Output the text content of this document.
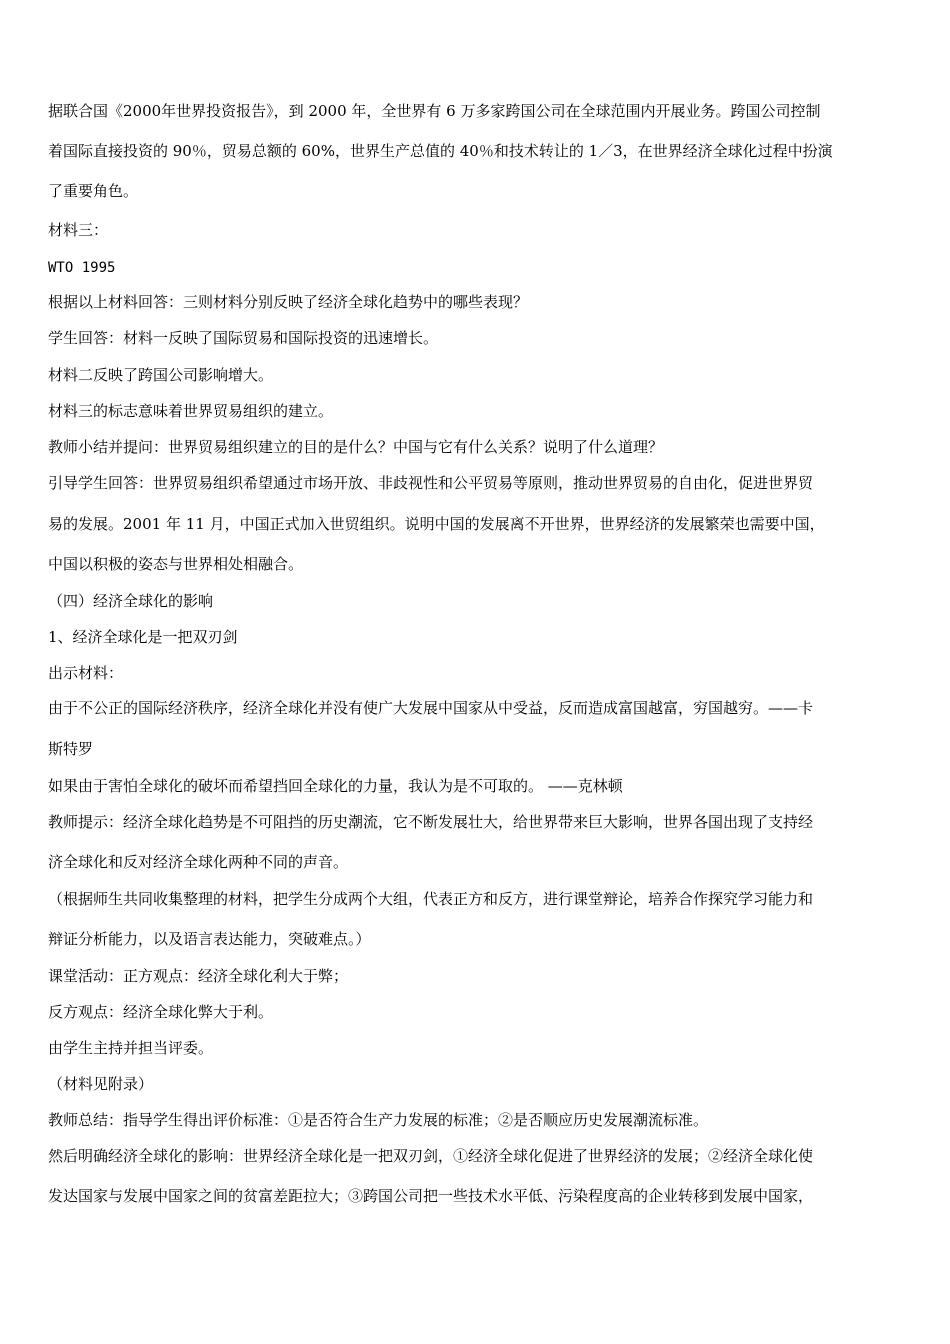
据联合国《2000年世界投资报告》，到 2000 年，全世界有 6 万多家跨国公司在全球范围内开展业务。跨国公司控制
着国际直接投资的 90％，贸易总额的 60%，世界生产总值的 40％和技术转让的 1／3，在世界经济全球化过程中扮演
了重要角色。
材料三：
WTO 1995
根据以上材料回答：三则材料分别反映了经济全球化趋势中的哪些表现？
学生回答：材料一反映了国际贸易和国际投资的迅速增长。
材料二反映了跨国公司影响增大。
材料三的标志意味着世界贸易组织的建立。
教师小结并提问：世界贸易组织建立的目的是什么？中国与它有什么关系？说明了什么道理？
引导学生回答：世界贸易组织希望通过市场开放、非歧视性和公平贸易等原则，推动世界贸易的自由化，促进世界贸
易的发展。2001 年 11 月，中国正式加入世贸组织。说明中国的发展离不开世界，世界经济的发展繁荣也需要中国，
中国以积极的姿态与世界相处相融合。
（四）经济全球化的影响
1、经济全球化是一把双刃剑
出示材料：
由于不公正的国际经济秩序，经济全球化并没有使广大发展中国家从中受益，反而造成富国越富，穷国越穷。——卡
斯特罗
如果由于害怕全球化的破坏而希望挡回全球化的力量，我认为是不可取的。 ——克林顿
教师提示：经济全球化趋势是不可阻挡的历史潮流，它不断发展壮大，给世界带来巨大影响，世界各国出现了支持经
济全球化和反对经济全球化两种不同的声音。
（根据师生共同收集整理的材料，把学生分成两个大组，代表正方和反方，进行课堂辩论，培养合作探究学习能力和
辩证分析能力，以及语言表达能力，突破难点。）
课堂活动：正方观点：经济全球化利大于弊；
反方观点：经济全球化弊大于利。
由学生主持并担当评委。
（材料见附录）
教师总结：指导学生得出评价标准：①是否符合生产力发展的标准；②是否顺应历史发展潮流标准。
然后明确经济全球化的影响：世界经济全球化是一把双刃剑，①经济全球化促进了世界经济的发展；②经济全球化使
发达国家与发展中国家之间的贫富差距拉大；③跨国公司把一些技术水平低、污染程度高的企业转移到发展中国家，
